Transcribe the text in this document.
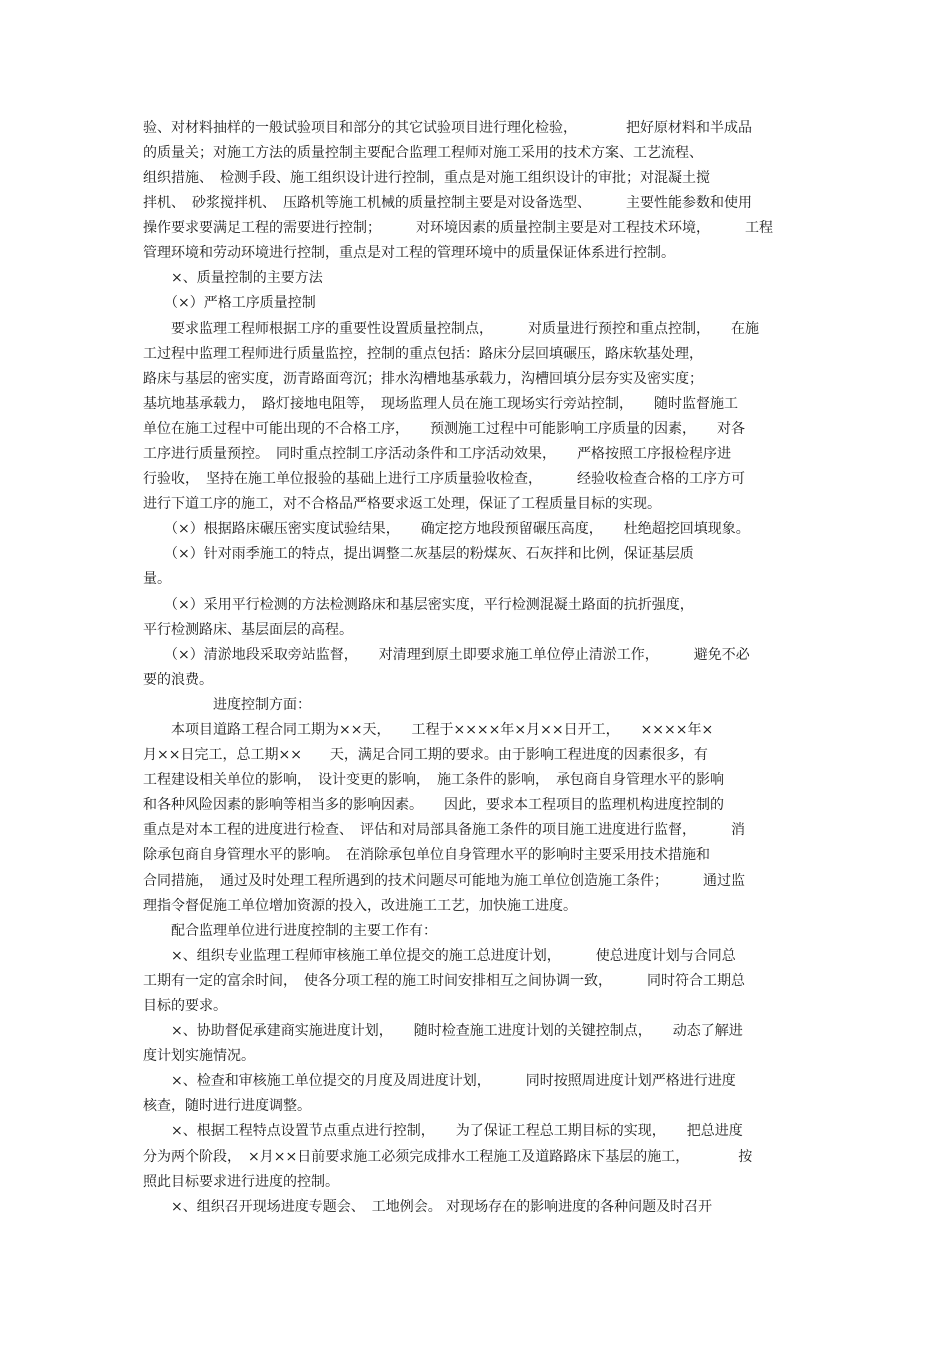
验、对材料抽样的一般试验项目和部分的其它试验项目进行理化检验，　　　　把好原材料和半成品
的质量关；对施工方法的质量控制主要配合监理工程师对施工采用的技术方案、工艺流程、
组织措施、　检测手段、施工组织设计进行控制，重点是对施工组织设计的审批；对混凝土搅
拌机、　砂浆搅拌机、　压路机等施工机械的质量控制主要是对设备选型、　　　主要性能参数和使用
操作要求要满足工程的需要进行控制；　　　对环境因素的质量控制主要是对工程技术环境，　　　工程
管理环境和劳动环境进行控制，重点是对工程的管理环境中的质量保证体系进行控制。
　　×、质量控制的主要方法
　　（×）严格工序质量控制
　　要求监理工程师根据工序的重要性设置质量控制点，　　　对质量进行预控和重点控制，　　在施
工过程中监理工程师进行质量监控，控制的重点包括：路床分层回填碾压，路床软基处理，
路床与基层的密实度，沥青路面弯沉；排水沟槽地基承载力，沟槽回填分层夯实及密实度；
基坑地基承载力，　路灯接地电阻等，　现场监理人员在施工现场实行旁站控制，　　随时监督施工
单位在施工过程中可能出现的不合格工序，　　预测施工过程中可能影响工序质量的因素，　　对各
工序进行质量预控。　同时重点控制工序活动条件和工序活动效果，　　严格按照工序报检程序进
行验收，　坚持在施工单位报验的基础上进行工序质量验收检查，　　　经验收检查合格的工序方可
进行下道工序的施工，对不合格品严格要求返工处理，保证了工程质量目标的实现。
　　（×）根据路床碾压密实度试验结果，　　确定挖方地段预留碾压高度，　　杜绝超挖回填现象。
　　（×）针对雨季施工的特点，提出调整二灰基层的粉煤灰、石灰拌和比例，保证基层质
量。
　　（×）采用平行检测的方法检测路床和基层密实度，平行检测混凝土路面的抗折强度，
平行检测路床、基层面层的高程。
　　（×）清淤地段采取旁站监督，　　对清理到原土即要求施工单位停止清淤工作，　　　避免不必
要的浪费。
　　　　　进度控制方面：
　　本项目道路工程合同工期为××天，　　工程于××××年×月××日开工，　　××××年×
月××日完工，总工期××　　天，满足合同工期的要求。由于影响工程进度的因素很多，有
工程建设相关单位的影响，　设计变更的影响，　施工条件的影响，　承包商自身管理水平的影响
和各种风险因素的影响等相当多的影响因素。　　因此，要求本工程项目的监理机构进度控制的
重点是对本工程的进度进行检查、　评估和对局部具备施工条件的项目施工进度进行监督，　　　消
除承包商自身管理水平的影响。　在消除承包单位自身管理水平的影响时主要采用技术措施和
合同措施，　通过及时处理工程所遇到的技术问题尽可能地为施工单位创造施工条件；　　　通过监
理指令督促施工单位增加资源的投入，改进施工工艺，加快施工进度。
　　配合监理单位进行进度控制的主要工作有：
　　×、组织专业监理工程师审核施工单位提交的施工总进度计划，　　　使总进度计划与合同总
工期有一定的富余时间，　使各分项工程的施工时间安排相互之间协调一致，　　　同时符合工期总
目标的要求。
　　×、协助督促承建商实施进度计划，　　随时检查施工进度计划的关键控制点，　　动态了解进
度计划实施情况。
　　×、检查和审核施工单位提交的月度及周进度计划，　　　同时按照周进度计划严格进行进度
核查，随时进行进度调整。
　　×、根据工程特点设置节点重点进行控制，　　为了保证工程总工期目标的实现，　　把总进度
分为两个阶段，　×月××日前要求施工必须完成排水工程施工及道路路床下基层的施工，　　　　按
照此目标要求进行进度的控制。
　　×、组织召开现场进度专题会、　工地例会。 对现场存在的影响进度的各种问题及时召开
